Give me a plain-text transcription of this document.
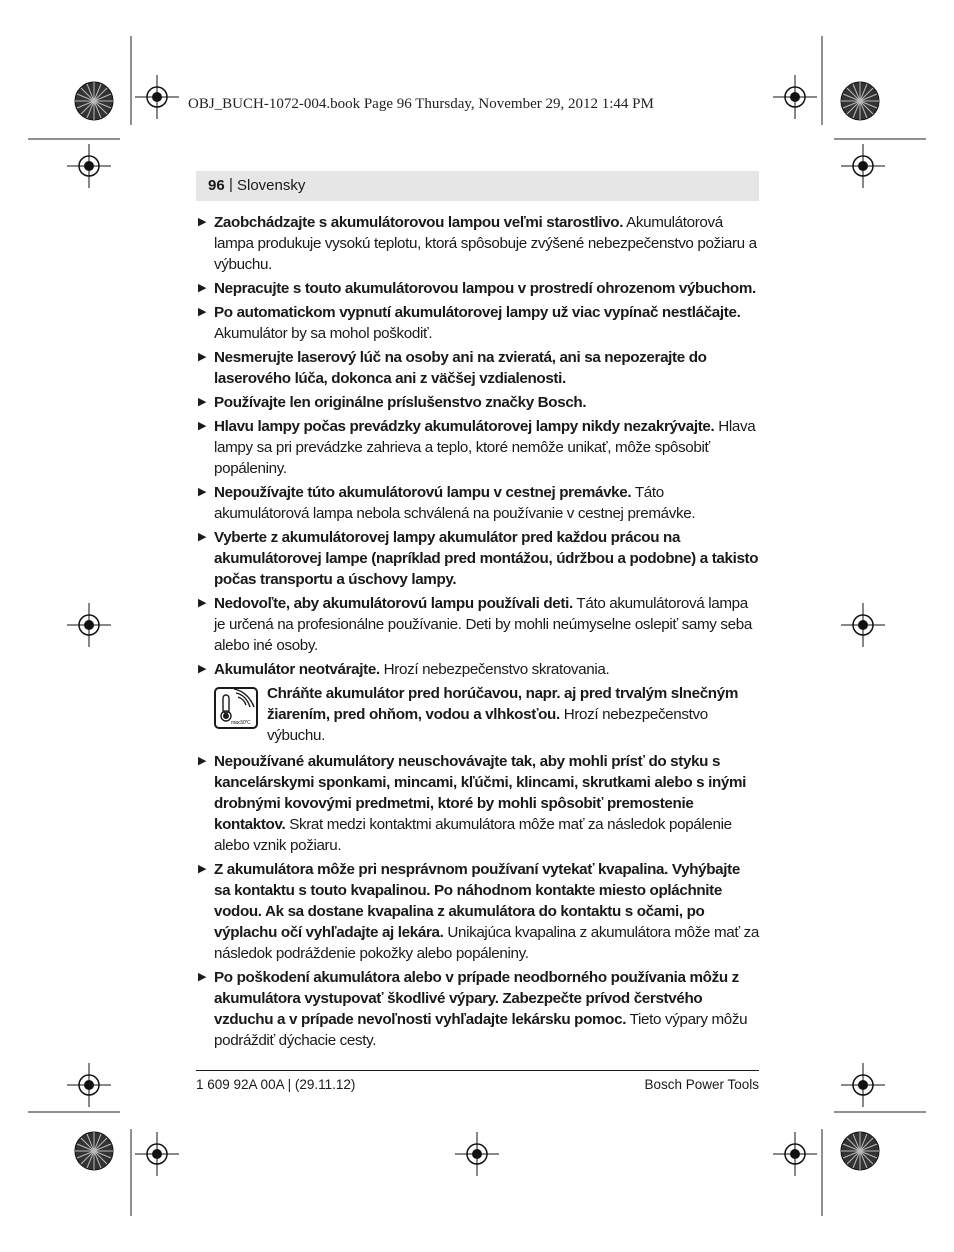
OBJ_BUCH-1072-004.book Page 96 Thursday, November 29, 2012 1:44 PM
96 | Slovensky
▶ Zaobchádzajte s akumulátorovou lampou veľmi starostlivo. Akumulátorová lampa produkuje vysokú teplotu, ktorá spôsobuje zvýšené nebezpečenstvo požiaru a výbuchu.
▶ Nepracujte s touto akumulátorovou lampou v prostredí ohrozenom výbuchom.
▶ Po automatickom vypnutí akumulátorovej lampy už viac vypínač nestláčajte. Akumulátor by sa mohol poškodiť.
▶ Nesmerujte laserový lúč na osoby ani na zvieratá, ani sa nepozerajte do laserového lúča, dokonca ani z väčšej vzdialenosti.
▶ Používajte len originálne príslušenstvo značky Bosch.
▶ Hlavu lampy počas prevádzky akumulátorovej lampy nikdy nezakrývajte. Hlava lampy sa pri prevádzke zahrieva a teplo, ktoré nemôže unikať, môže spôsobiť popáleniny.
▶ Nepoužívajte túto akumulátorovú lampu v cestnej premávke. Táto akumulátorová lampa nebola schválená na používanie v cestnej premávke.
▶ Vyberte z akumulátorovej lampy akumulátor pred každou prácou na akumulátorovej lampe (napríklad pred montážou, údržbou a podobne) a takisto počas transportu a úschovy lampy.
▶ Nedovoľte, aby akumulátorovú lampu používali deti. Táto akumulátorová lampa je určená na profesionálne používanie. Deti by mohli neúmyselne oslepiť samy seba alebo iné osoby.
▶ Akumulátor neotvárajte. Hrozí nebezpečenstvo skratovania.
max.50°C
Chráňte akumulátor pred horúčavou, napr. aj pred trvalým slnečným žiarením, pred ohňom, vodou a vlhkosťou. Hrozí nebezpečenstvo výbuchu.
▶ Nepoužívané akumulátory neuschovávajte tak, aby mohli prísť do styku s kancelárskymi sponkami, mincami, kľúčmi, klincami, skrutkami alebo s inými drobnými kovovými predmetmi, ktoré by mohli spôsobiť premostenie kontaktov. Skrat medzi kontaktmi akumulátora môže mať za následok popálenie alebo vznik požiaru.
▶ Z akumulátora môže pri nesprávnom používaní vytekať kvapalina. Vyhýbajte sa kontaktu s touto kvapalinou. Po náhodnom kontakte miesto opláchnite vodou. Ak sa dostane kvapalina z akumulátora do kontaktu s očami, po výplachu očí vyhľadajte aj lekára. Unikajúca kvapalina z akumulátora môže mať za následok podráždenie pokožky alebo popáleniny.
▶ Po poškodení akumulátora alebo v prípade neodborného používania môžu z akumulátora vystupovať škodlivé výpary. Zabezpečte prívod čerstvého vzduchu a v prípade nevoľnosti vyhľadajte lekársku pomoc. Tieto výpary môžu podráždiť dýchacie cesty.
1 609 92A 00A | (29.11.12)	Bosch Power Tools
